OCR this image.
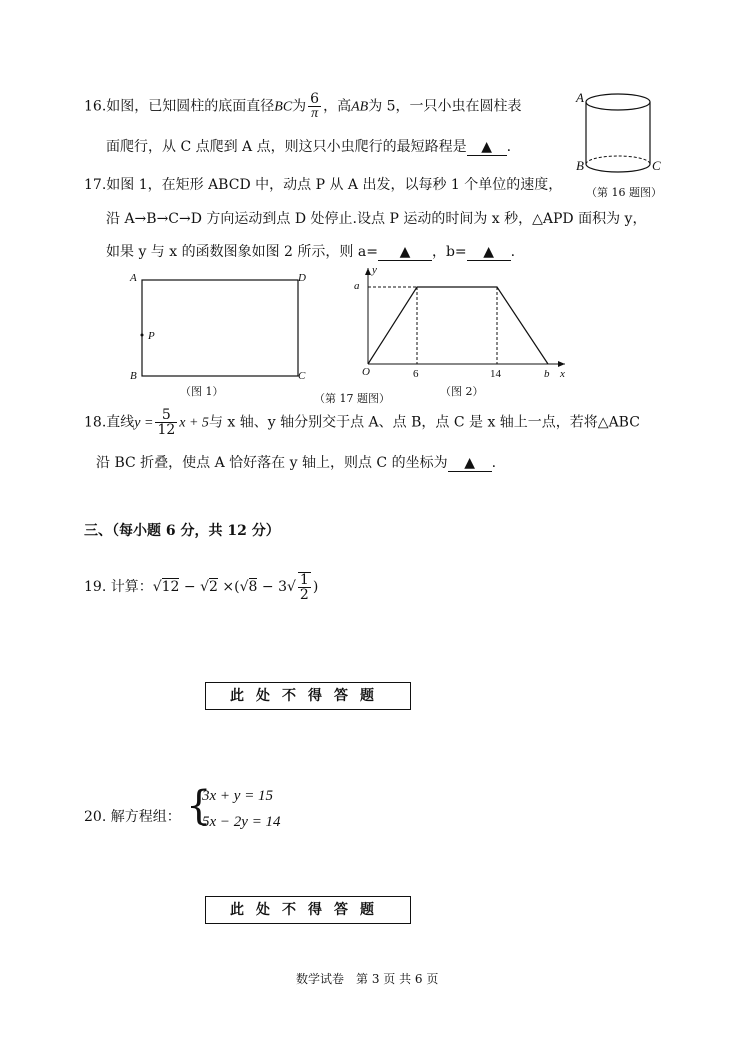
16.如图，已知圆柱的底面直径BC为 $\frac{6}{\pi}$ ，高AB为 5，一只小虫在圆柱表
面爬行，从 C 点爬到 A 点，则这只小虫爬行的最短路程是 ▲ .
A
B	C
（第 16 题图）
17.如图 1，在矩形 ABCD 中，动点 P 从 A 出发，以每秒 1 个单位的速度，
沿 A→B→C→D 方向运动到点 D 处停止.设点 P 运动的时间为 x 秒，△APD 面积为 y，
如果 y 与 x 的函数图象如图 2 所示，则 a= ▲ ，b= ▲ .
A	D
B	C
P
（图 1）
y
a
O	6	14	b x
（图 2）
（第 17 题图）
18.直线$y = \frac{5}{12}$ x + 5与 x 轴、y 轴分别交于点 A、点 B，点 C 是 x 轴上一点，若将△ABC
沿 BC 折叠，使点 A 恰好落在 y 轴上，则点 C 的坐标为 ▲ .
三、（每小题 6 分，共 12 分）
19. 计算：$√12 - √2 \times(√8 - 3√ \frac{1}{2}$ )
此处不得答题
20. 解方程组： {
3x + y = 15
5x − 2y = 14
此处不得答题
数学试卷　第 3 页 共 6 页
